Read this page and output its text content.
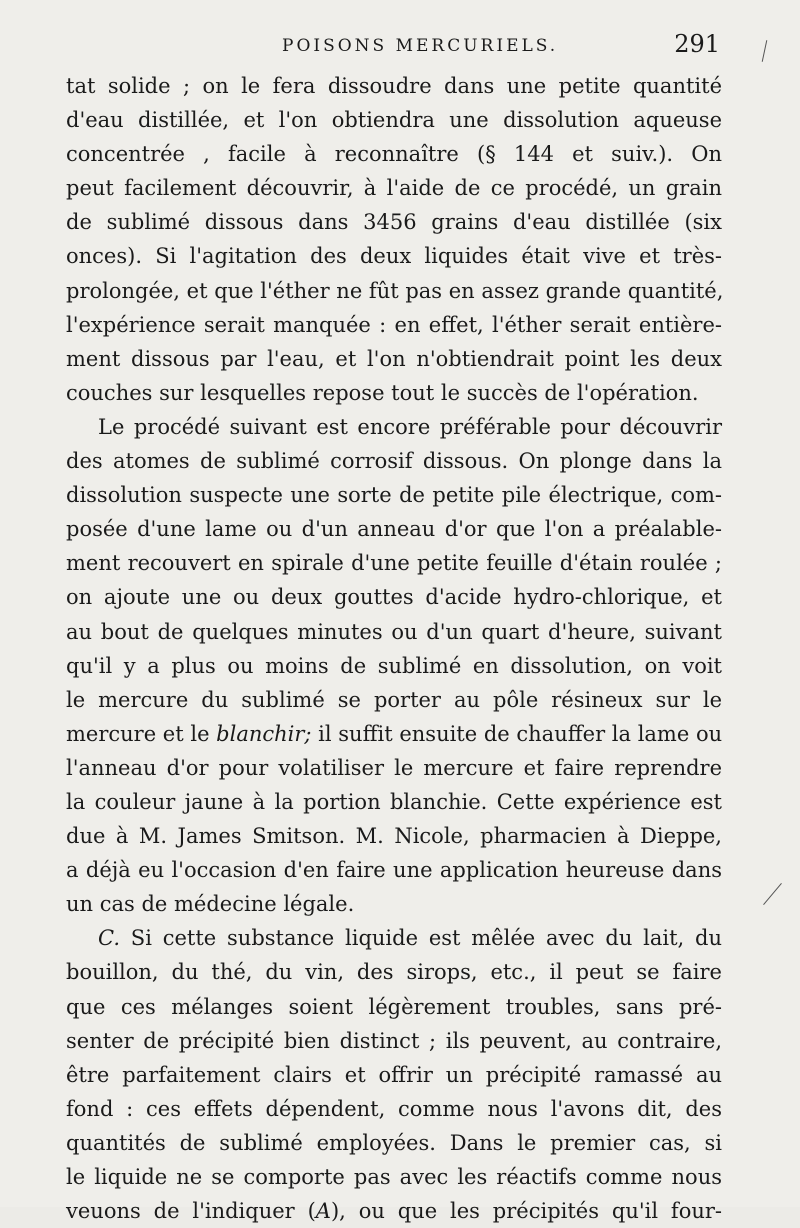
POISONS MERCURIELS.	291
tat solide ; on le fera dissoudre dans une petite quantité
d'eau distillée, et l'on obtiendra une dissolution aqueuse
concentrée , facile à reconnaître (§ 144 et suiv.). On
peut facilement découvrir, à l'aide de ce procédé, un grain
de sublimé dissous dans 3456 grains d'eau distillée (six
onces). Si l'agitation des deux liquides était vive et très-
prolongée, et que l'éther ne fût pas en assez grande quantité,
l'expérience serait manquée : en effet, l'éther serait entière-
ment dissous par l'eau, et l'on n'obtiendrait point les deux
couches sur lesquelles repose tout le succès de l'opération.
Le procédé suivant est encore préférable pour découvrir
des atomes de sublimé corrosif dissous. On plonge dans la
dissolution suspecte une sorte de petite pile électrique, com-
posée d'une lame ou d'un anneau d'or que l'on a préalable-
ment recouvert en spirale d'une petite feuille d'étain roulée ;
on ajoute une ou deux gouttes d'acide hydro-chlorique, et
au bout de quelques minutes ou d'un quart d'heure, suivant
qu'il y a plus ou moins de sublimé en dissolution, on voit
le mercure du sublimé se porter au pôle résineux sur le
mercure et le blanchir; il suffit ensuite de chauffer la lame ou
l'anneau d'or pour volatiliser le mercure et faire reprendre
la couleur jaune à la portion blanchie. Cette expérience est
due à M. James Smitson. M. Nicole, pharmacien à Dieppe,
a déjà eu l'occasion d'en faire une application heureuse dans
un cas de médecine légale.
C. Si cette substance liquide est mêlée avec du lait, du
bouillon, du thé, du vin, des sirops, etc., il peut se faire
que ces mélanges soient légèrement troubles, sans pré-
senter de précipité bien distinct ; ils peuvent, au contraire,
être parfaitement clairs et offrir un précipité ramassé au
fond : ces effets dépendent, comme nous l'avons dit, des
quantités de sublimé employées. Dans le premier cas, si
le liquide ne se comporte pas avec les réactifs comme nous
veuons de l'indiquer (A), ou que les précipités qu'il four-
